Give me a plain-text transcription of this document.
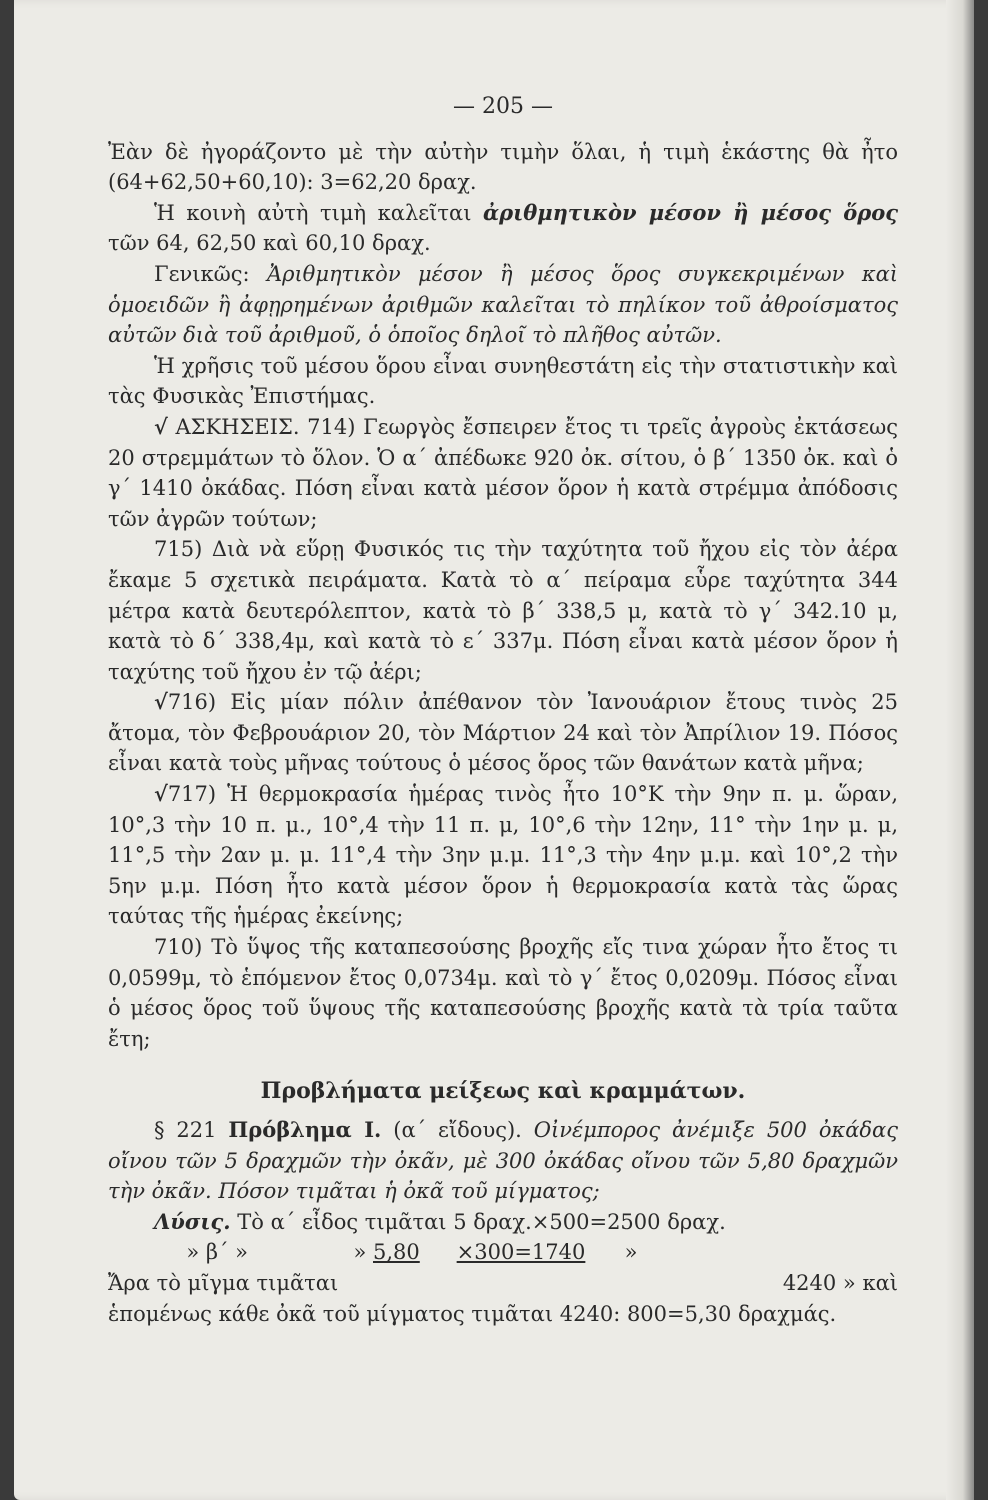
— 205 —

Ἐὰν δὲ ἠγοράζοντο μὲ τὴν αὐτὴν τιμὴν ὅλαι, ἡ τιμὴ ἑκάστης θὰ ἦτο (64+62,50+60,10): 3=62,20 δραχ.

Ἡ κοινὴ αὐτὴ τιμὴ καλεῖται ἀριθμητικὸν μέσον ἢ μέσος ὅρος τῶν 64, 62,50 καὶ 60,10 δραχ.

Γενικῶς: Ἀριθμητικὸν μέσον ἢ μέσος ὅρος συγκεκριμένων καὶ ὁμοειδῶν ἢ ἀφῃρημένων ἀριθμῶν καλεῖται τὸ πηλίκον τοῦ ἀθροίσματος αὐτῶν διὰ τοῦ ἀριθμοῦ, ὁ ὁποῖος δηλοῖ τὸ πλῆθος αὐτῶν.

Ἡ χρῆσις τοῦ μέσου ὅρου εἶναι συνηθεστάτη εἰς τὴν στατιστικὴν καὶ τὰς Φυσικὰς Ἐπιστήμας.

√ ΑΣΚΗΣΕΙΣ. 714) Γεωργὸς ἔσπειρεν ἔτος τι τρεῖς ἀγροὺς ἐκτάσεως 20 στρεμμάτων τὸ ὅλον. Ὁ α΄ ἀπέδωκε 920 ὀκ. σίτου, ὁ β΄ 1350 ὀκ. καὶ ὁ γ΄ 1410 ὀκάδας. Πόση εἶναι κατὰ μέσον ὅρον ἡ κατὰ στρέμμα ἀπόδοσις τῶν ἀγρῶν τούτων;

715) Διὰ νὰ εὕρῃ Φυσικός τις τὴν ταχύτητα τοῦ ἤχου εἰς τὸν ἀέρα ἔκαμε 5 σχετικὰ πειράματα. Κατὰ τὸ α΄ πείραμα εὗρε ταχύτητα 344 μέτρα κατὰ δευτερόλεπτον, κατὰ τὸ β΄ 338,5 μ, κατὰ τὸ γ΄ 342.10 μ, κατὰ τὸ δ΄ 338,4μ, καὶ κατὰ τὸ ε΄ 337μ. Πόση εἶναι κατὰ μέσον ὅρον ἡ ταχύτης τοῦ ἤχου ἐν τῷ ἀέρι;

√716) Εἰς μίαν πόλιν ἀπέθανον τὸν Ἰανουάριον ἔτους τινὸς 25 ἄτομα, τὸν Φεβρουάριον 20, τὸν Μάρτιον 24 καὶ τὸν Ἀπρίλιον 19. Πόσος εἶναι κατὰ τοὺς μῆνας τούτους ὁ μέσος ὅρος τῶν θανάτων κατὰ μῆνα;

√717) Ἡ θερμοκρασία ἡμέρας τινὸς ἦτο 10°K τὴν 9ην π. μ. ὥραν, 10°,3 τὴν 10 π. μ., 10°,4 τὴν 11 π. μ, 10°,6 τὴν 12ην, 11° τὴν 1ην μ. μ, 11°,5 τὴν 2αν μ. μ. 11°,4 τὴν 3ην μ.μ. 11°,3 τὴν 4ην μ.μ. καὶ 10°,2 τὴν 5ην μ.μ. Πόση ἦτο κατὰ μέσον ὅρον ἡ θερμοκρασία κατὰ τὰς ὥρας ταύτας τῆς ἡμέρας ἐκείνης;

710) Τὸ ὕψος τῆς καταπεσούσης βροχῆς εἴς τινα χώραν ἦτο ἔτος τι 0,0599μ, τὸ ἑπόμενον ἔτος 0,0734μ. καὶ τὸ γ΄ ἔτος 0,0209μ. Πόσος εἶναι ὁ μέσος ὅρος τοῦ ὕψους τῆς καταπεσούσης βροχῆς κατὰ τὰ τρία ταῦτα ἔτη;

Προβλήματα μείξεως καὶ κραμμάτων.

§ 221 Πρόβλημα Ι. (α΄ εἴδους). Οἰνέμπορος ἀνέμιξε 500 ὀκάδας οἴνου τῶν 5 δραχμῶν τὴν ὀκᾶν, μὲ 300 ὀκάδας οἴνου τῶν 5,80 δραχμῶν τὴν ὀκᾶν. Πόσον τιμᾶται ἡ ὀκᾶ τοῦ μίγματος;

Λύσις. Τὸ α΄ εἶδος τιμᾶται 5 δραχ.×500=2500 δραχ.

» β΄ »	» 5,80	×300=1740	»
Ἄρα τὸ μῖγμα τιμᾶται	4240 » καὶ

ἑπομένως κάθε ὀκᾶ τοῦ μίγματος τιμᾶται 4240: 800=5,30 δραχμάς.
